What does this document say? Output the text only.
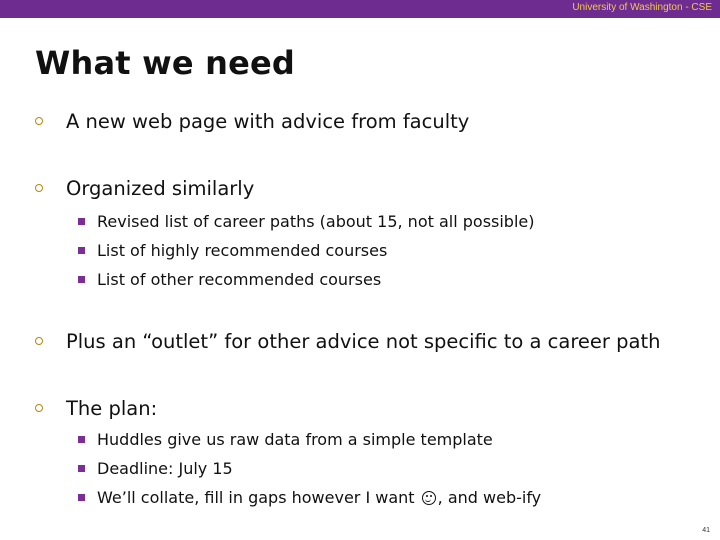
University of Washington - CSE
What we need
A new web page with advice from faculty
Organized similarly
Revised list of career paths (about 15, not all possible)
List of highly recommended courses
List of other recommended courses
Plus an “outlet” for other advice not specific to a career path
The plan:
Huddles give us raw data from a simple template
Deadline: July 15
We’ll collate, fill in gaps however I want
, and web-ify
41
